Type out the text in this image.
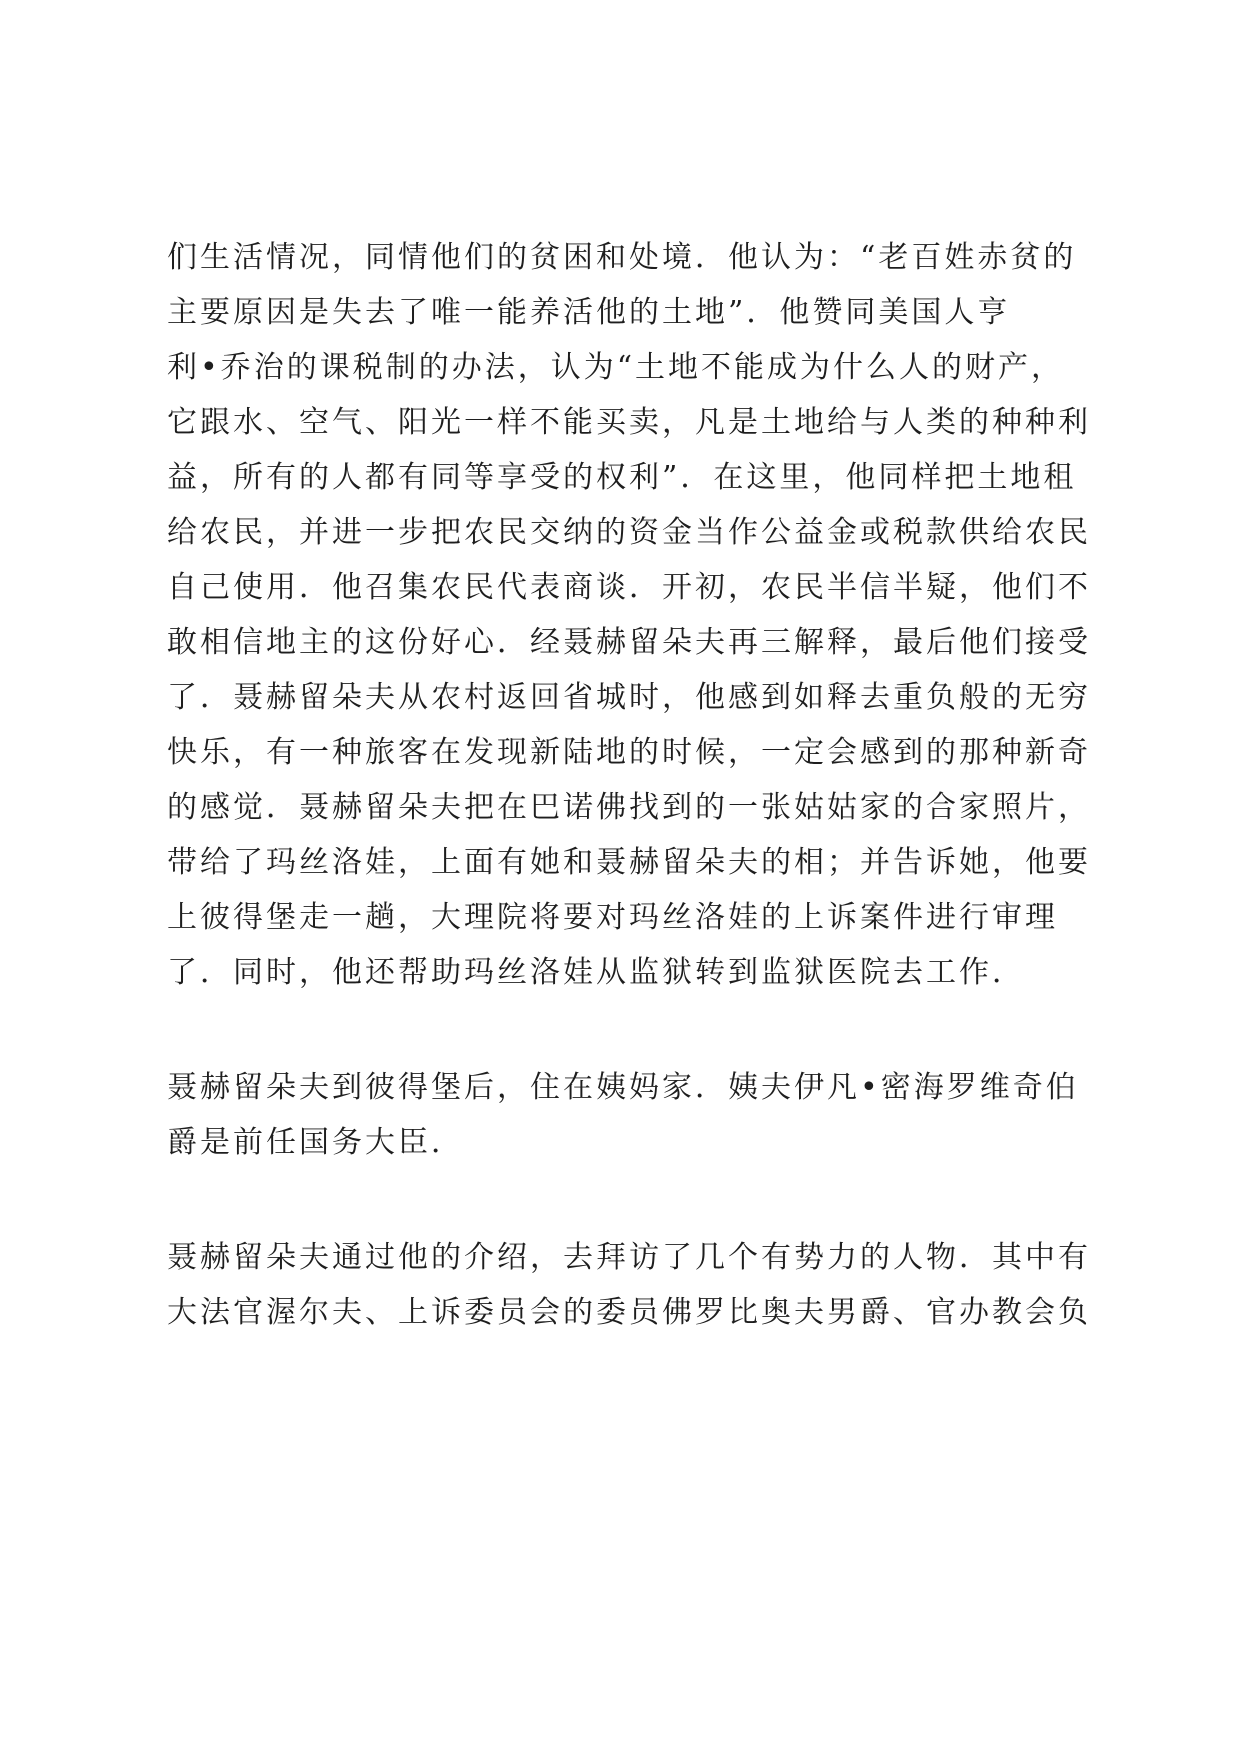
们生活情况，同情他们的贫困和处境．他认为：“老百姓赤贫的
主要原因是失去了唯一能养活他的土地”．他赞同美国人亨
利•乔治的课税制的办法，认为“土地不能成为什么人的财产，
它跟水、空气、阳光一样不能买卖，凡是土地给与人类的种种利
益，所有的人都有同等享受的权利”．在这里，他同样把土地租
给农民，并进一步把农民交纳的资金当作公益金或税款供给农民
自己使用．他召集农民代表商谈．开初，农民半信半疑，他们不
敢相信地主的这份好心．经聂赫留朵夫再三解释，最后他们接受
了．聂赫留朵夫从农村返回省城时，他感到如释去重负般的无穷
快乐，有一种旅客在发现新陆地的时候，一定会感到的那种新奇
的感觉．聂赫留朵夫把在巴诺佛找到的一张姑姑家的合家照片，
带给了玛丝洛娃，上面有她和聂赫留朵夫的相；并告诉她，他要
上彼得堡走一趟，大理院将要对玛丝洛娃的上诉案件进行审理
了．同时，他还帮助玛丝洛娃从监狱转到监狱医院去工作．
聂赫留朵夫到彼得堡后，住在姨妈家．姨夫伊凡•密海罗维奇伯
爵是前任国务大臣．
聂赫留朵夫通过他的介绍，去拜访了几个有势力的人物．其中有
大法官渥尔夫、上诉委员会的委员佛罗比奥夫男爵、官办教会负
